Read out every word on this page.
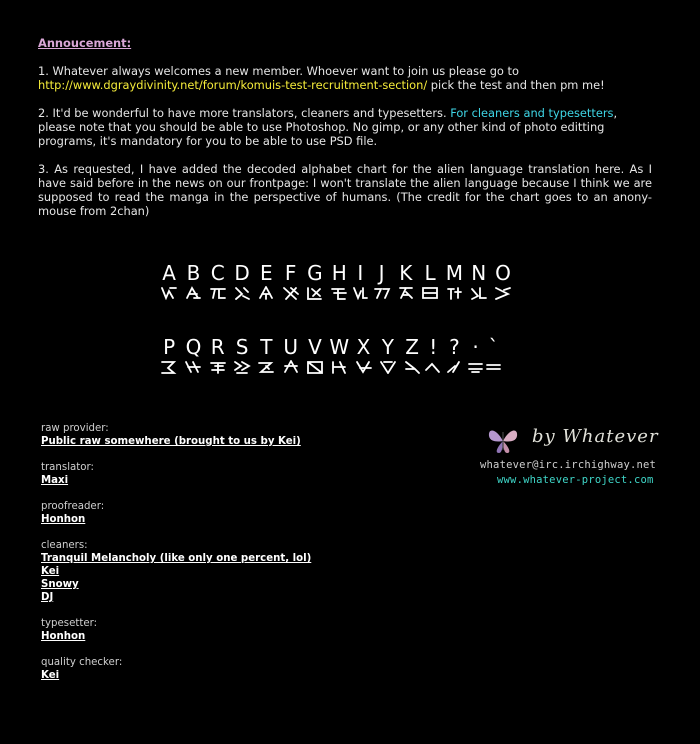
Annoucement:

1. Whatever always welcomes a new member. Whoever want to join us please go to
http://www.dgraydivinity.net/forum/komuis-test-recruitment-section/ pick the test and then pm me!

2. It'd be wonderful to have more translators, cleaners and typesetters. For cleaners and typesetters, please note that you should be able to use Photoshop. No gimp, or any other kind of photo editting programs, it's mandatory for you to be able to use PSD file.

3. As requested, I have added the decoded alphabet chart for the alien language translation here. As I have said before in the news on our frontpage: I won't translate the alien language because I think we are supposed to read the manga in the perspective of humans. (The credit for the chart goes to an anony-mouse from 2chan)

A B C D E F G H I J K L M N O
P Q R S T U V W X Y Z ! ? · ˋ
raw provider:
Public raw somewhere (brought to us by Kei)
translator:
Maxi
proofreader:
Honhon
cleaners:
Tranquil Melancholy (like only one percent, lol)
Kei
Snowy
DJ
typesetter:
Honhon
quality checker:
Kei
by Whatever
whatever@irc.irchighway.net
www.whatever-project.com
